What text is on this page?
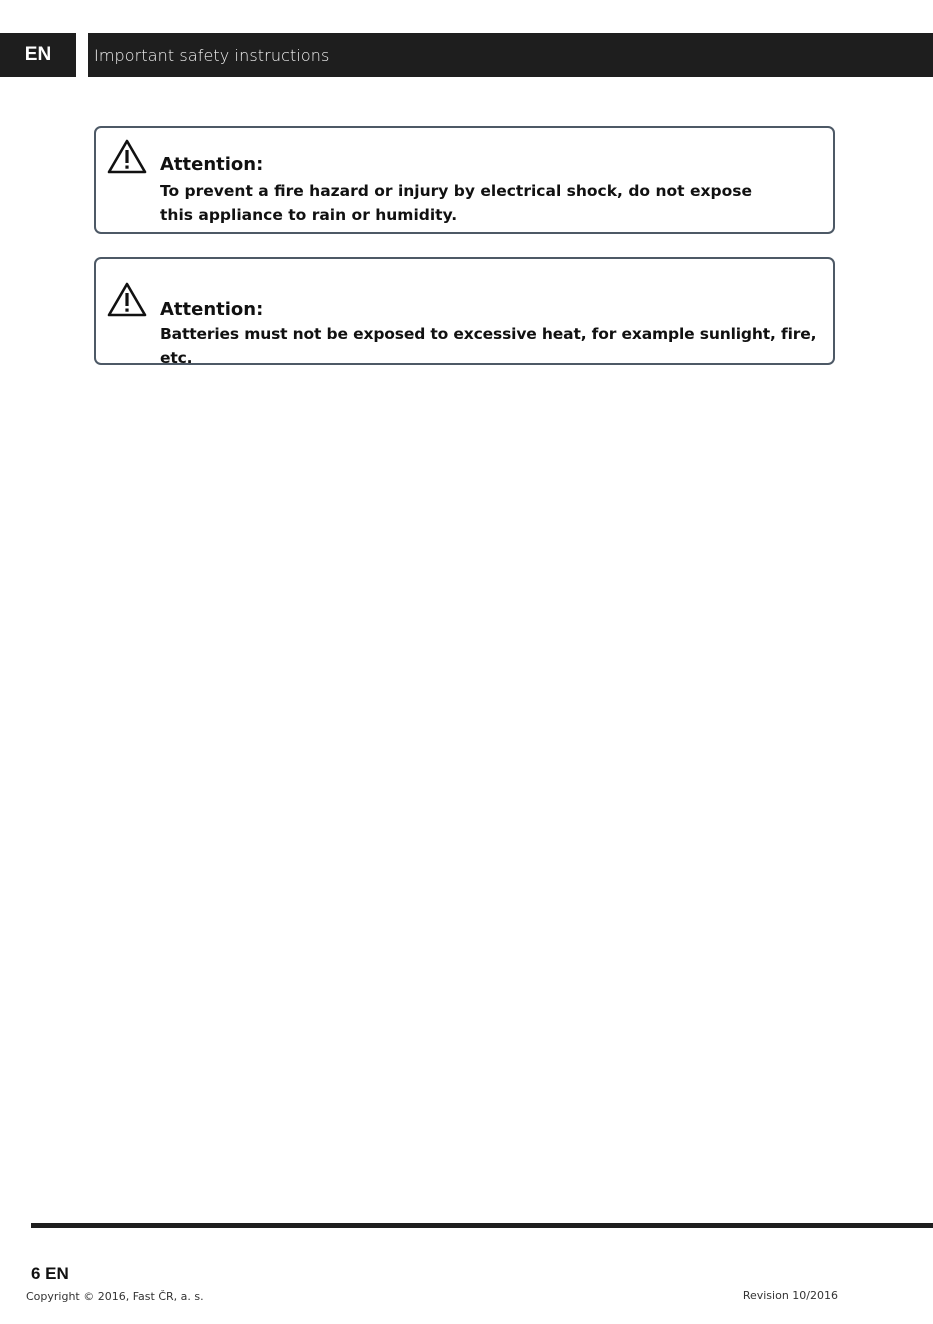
EN	Important safety instructions
Attention:
To prevent a fire hazard or injury by electrical shock, do not expose this appliance to rain or humidity.
Attention:
Batteries must not be exposed to excessive heat, for example sunlight, fire, etc.
6 EN
Copyright © 2016, Fast ČR, a. s.	Revision 10/2016
